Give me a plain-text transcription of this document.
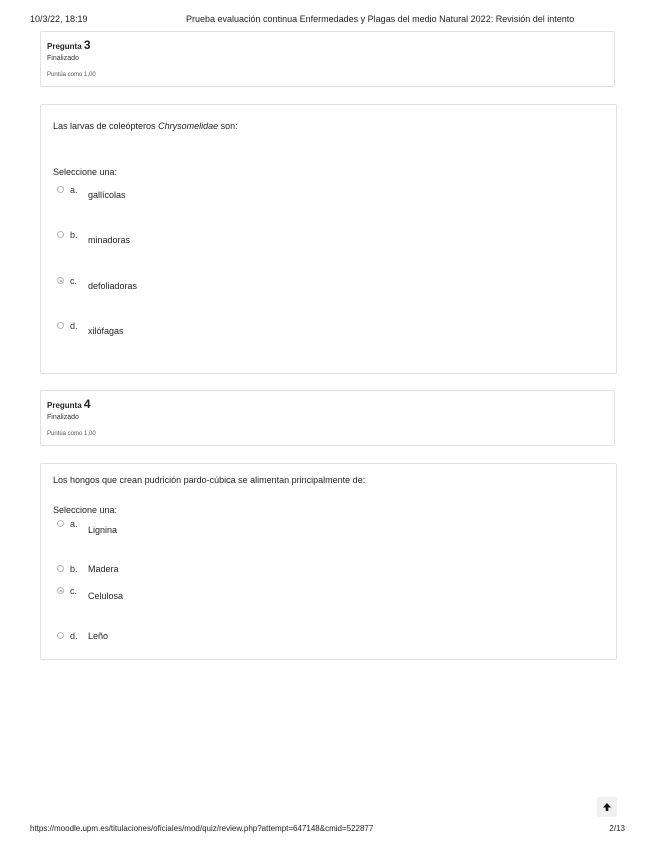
10/3/22, 18:19	Prueba evaluación continua Enfermedades y Plagas del medio Natural 2022: Revisión del intento
Pregunta 3
Finalizado
Puntúa como 1,00
Las larvas de coleópteros Chrysomelidae son:
Seleccione una:
a. gallícolas
b. minadoras
c. defoliadoras
d. xilófagas
Pregunta 4
Finalizado
Puntúa como 1,00
Los hongos que crean pudrición pardo-cúbica se alimentan principalmente de:
Seleccione una:
a.
Lignina
b. Madera
c. Celulosa
d. Leño
https://moodle.upm.es/titulaciones/oficiales/mod/quiz/review.php?attempt=647148&cmid=522877	2/13
